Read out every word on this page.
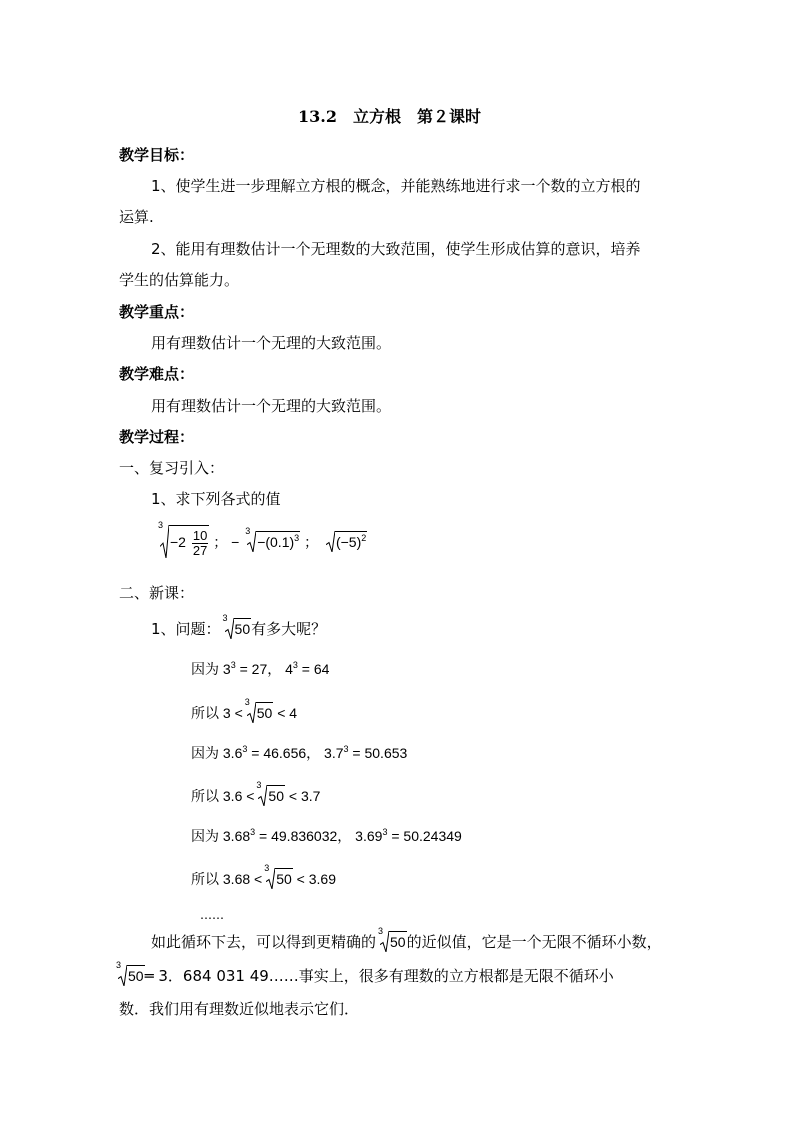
13.2　立方根　第２课时
教学目标：
1、使学生进一步理解立方根的概念，并能熟练地进行求一个数的立方根的
运算.
2、能用有理数估计一个无理数的大致范围，使学生形成估算的意识，培养
学生的估算能力。
教学重点：
用有理数估计一个无理的大致范围。
教学难点：
用有理数估计一个无理的大致范围。
教学过程：
一、复习引入：
1、求下列各式的值
3
$-2 \frac{10}{27}$ ； −
3
$-(0.1)^3$ ； $(-5)^2$
二、新课：
1、问题：
3
50有多大呢？
因为 $3^3 = 27$， $4^3 = 64$
所以 3 <
3
50 < 4
因为 $3.6^3 = 46.656$， $3.7^3 = 50.653$
所以 3.6 <
3
50 < 3.7
因为 $3.68^3 = 49.836032$， $3.69^3 = 50.24349$
所以 3.68 <
3
50 < 3.69
……
如此循环下去，可以得到更精确的
3
50的近似值，它是一个无限不循环小数，
3
50═ 3．684 031 49……事实上，很多有理数的立方根都是无限不循环小
数．我们用有理数近似地表示它们．
